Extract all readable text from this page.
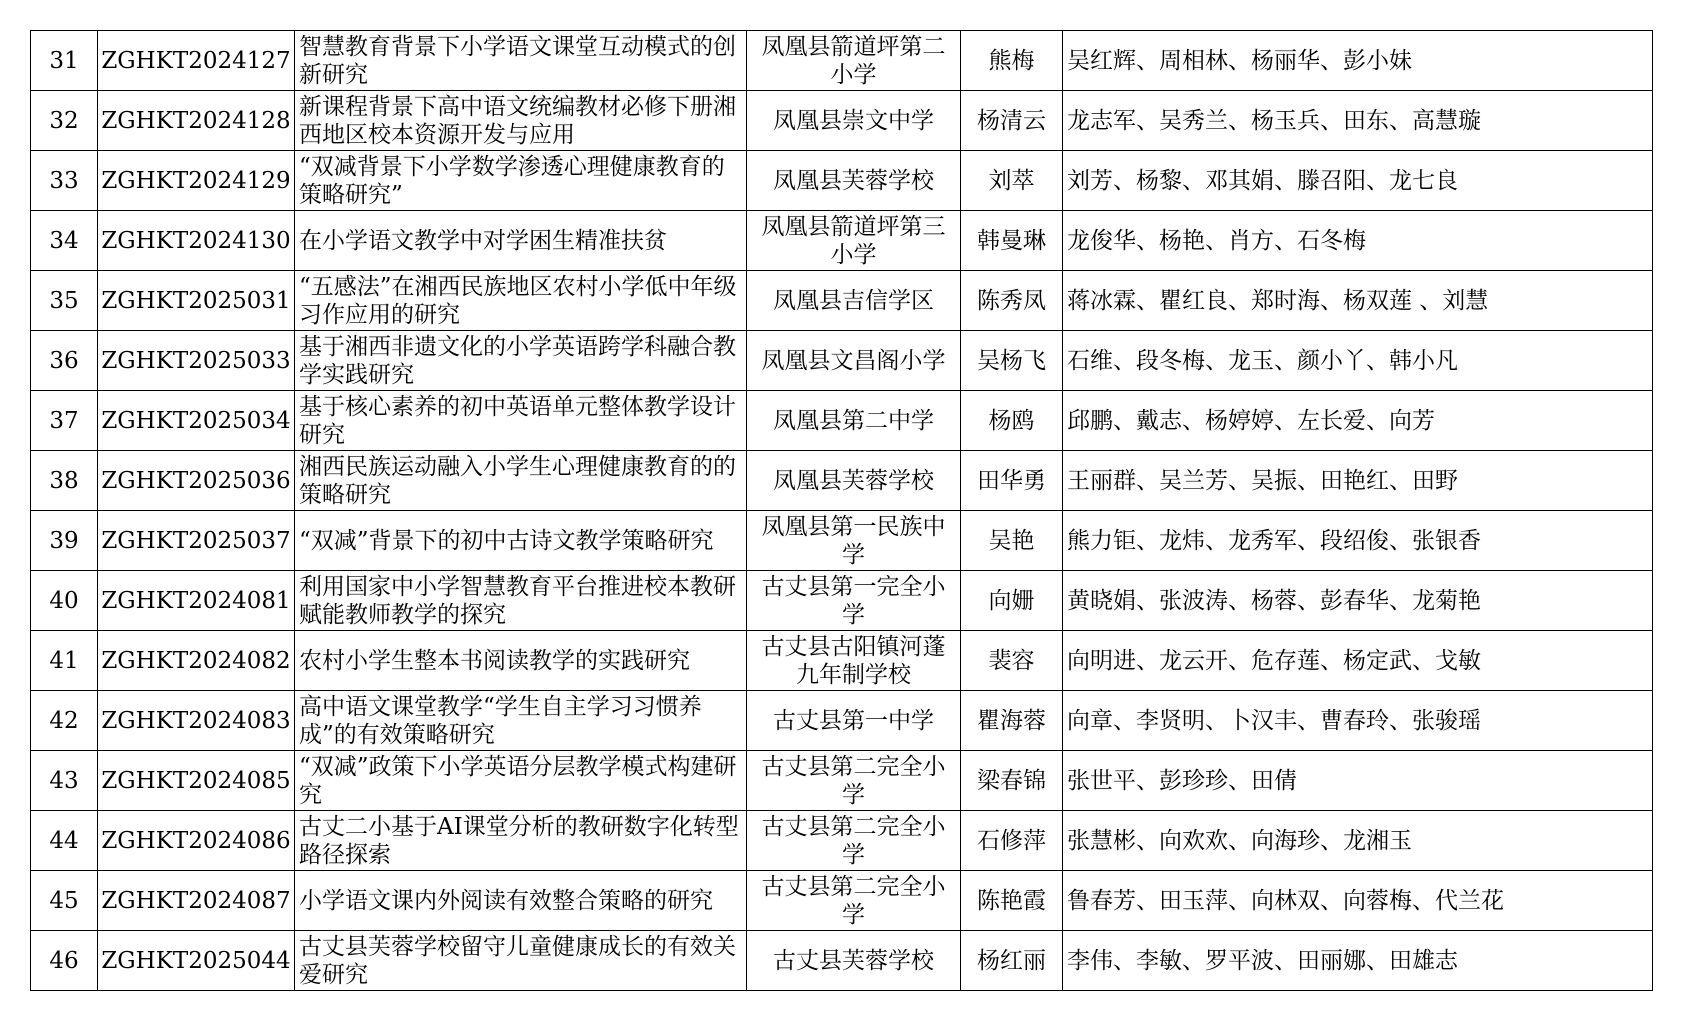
31	ZGHKT2024127	智慧教育背景下小学语文课堂互动模式的创新研究	凤凰县箭道坪第二小学	熊梅	吴红辉、周相林、杨丽华、彭小妹
32	ZGHKT2024128	新课程背景下高中语文统编教材必修下册湘西地区校本资源开发与应用	凤凰县崇文中学	杨清云	龙志军、吴秀兰、杨玉兵、田东、高慧璇
33	ZGHKT2024129	“双减背景下小学数学渗透心理健康教育的策略研究”	凤凰县芙蓉学校	刘萃	刘芳、杨黎、邓其娟、滕召阳、龙七良
34	ZGHKT2024130	在小学语文教学中对学困生精准扶贫	凤凰县箭道坪第三小学	韩曼琳	龙俊华、杨艳、肖方、石冬梅
35	ZGHKT2025031	“五感法”在湘西民族地区农村小学低中年级习作应用的研究	凤凰县吉信学区	陈秀凤	蒋冰霖、瞿红良、郑时海、杨双莲 、刘慧
36	ZGHKT2025033	基于湘西非遗文化的小学英语跨学科融合教学实践研究	凤凰县文昌阁小学	吴杨飞	石维、段冬梅、龙玉、颜小丫、韩小凡
37	ZGHKT2025034	基于核心素养的初中英语单元整体教学设计研究	凤凰县第二中学	杨鸥	邱鹏、戴志、杨婷婷、左长爱、向芳
38	ZGHKT2025036	湘西民族运动融入小学生心理健康教育的的策略研究	凤凰县芙蓉学校	田华勇	王丽群、吴兰芳、吴振、田艳红、田野
39	ZGHKT2025037	“双减”背景下的初中古诗文教学策略研究	凤凰县第一民族中学	吴艳	熊力钜、龙炜、龙秀军、段绍俊、张银香
40	ZGHKT2024081	利用国家中小学智慧教育平台推进校本教研赋能教师教学的探究	古丈县第一完全小学	向姗	黄晓娟、张波涛、杨蓉、彭春华、龙菊艳
41	ZGHKT2024082	农村小学生整本书阅读教学的实践研究	古丈县古阳镇河蓬九年制学校	裴容	向明进、龙云开、危存莲、杨定武、戈敏
42	ZGHKT2024083	高中语文课堂教学“学生自主学习习惯养成”的有效策略研究	古丈县第一中学	瞿海蓉	向章、李贤明、卜汉丰、曹春玲、张骏瑶
43	ZGHKT2024085	“双减”政策下小学英语分层教学模式构建研究	古丈县第二完全小学	梁春锦	张世平、彭珍珍、田倩
44	ZGHKT2024086	古丈二小基于AI课堂分析的教研数字化转型路径探索	古丈县第二完全小学	石修萍	张慧彬、向欢欢、向海珍、龙湘玉
45	ZGHKT2024087	小学语文课内外阅读有效整合策略的研究	古丈县第二完全小学	陈艳霞	鲁春芳、田玉萍、向林双、向蓉梅、代兰花
46	ZGHKT2025044	古丈县芙蓉学校留守儿童健康成长的有效关爱研究	古丈县芙蓉学校	杨红丽	李伟、李敏、罗平波、田丽娜、田雄志
